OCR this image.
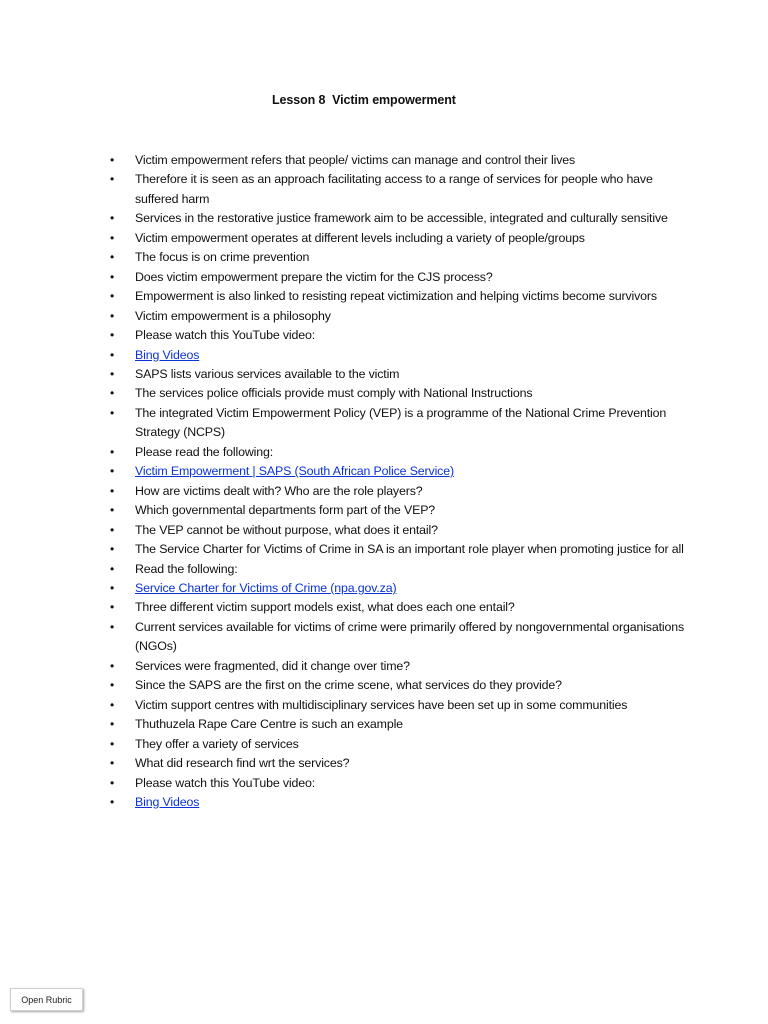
Lesson 8  Victim empowerment
• Victim empowerment refers that people/ victims can manage and control their lives
• Therefore it is seen as an approach facilitating access to a range of services for people who have suffered harm
• Services in the restorative justice framework aim to be accessible, integrated and culturally sensitive
• Victim empowerment operates at different levels including a variety of people/groups
• The focus is on crime prevention
• Does victim empowerment prepare the victim for the CJS process?
• Empowerment is also linked to resisting repeat victimization and helping victims become survivors
• Victim empowerment is a philosophy
• Please watch this YouTube video:
• Bing Videos
• SAPS lists various services available to the victim
• The services police officials provide must comply with National Instructions
• The integrated Victim Empowerment Policy (VEP) is a programme of the National Crime Prevention Strategy (NCPS)
• Please read the following:
• Victim Empowerment | SAPS (South African Police Service)
• How are victims dealt with? Who are the role players?
• Which governmental departments form part of the VEP?
• The VEP cannot be without purpose, what does it entail?
• The Service Charter for Victims of Crime in SA is an important role player when promoting justice for all
• Read the following:
• Service Charter for Victims of Crime (npa.gov.za)
• Three different victim support models exist, what does each one entail?
• Current services available for victims of crime were primarily offered by nongovernmental organisations (NGOs)
• Services were fragmented, did it change over time?
• Since the SAPS are the first on the crime scene, what services do they provide?
• Victim support centres with multidisciplinary services have been set up in some communities
• Thuthuzela Rape Care Centre is such an example
• They offer a variety of services
• What did research find wrt the services?
• Please watch this YouTube video:
• Bing Videos
Open Rubric
